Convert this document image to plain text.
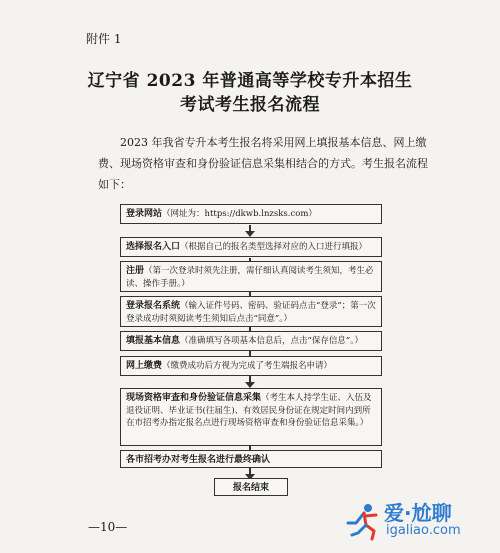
附件 1
辽宁省 2023 年普通高等学校专升本招生
考试考生报名流程
2023 年我省专升本考生报名将采用网上填报基本信息、网上缴费、现场资格审查和身份验证信息采集相结合的方式。考生报名流程如下：
登录网站（网址为：https://dkwb.lnzsks.com）
选择报名入口（根据自己的报名类型选择对应的入口进行填报）
注册（第一次登录时须先注册，需仔细认真阅读考生须知，考生必读、操作手册。）
登录报名系统（输入证件号码、密码、验证码点击“登录”；第一次登录成功时须阅读考生须知后点击“同意”。）
填报基本信息（准确填写各项基本信息后，点击“保存信息”。）
网上缴费（缴费成功后方视为完成了考生端报名申请）
现场资格审查和身份验证信息采集（考生本人持学生证、入伍及退役证明、毕业证书(往届生)、有效居民身份证在规定时间内到所在市招考办指定报名点进行现场资格审查和身份验证信息采集。）
各市招考办对考生报名进行最终确认
报名结束
—10—
爱·尬聊
igaliao.com
